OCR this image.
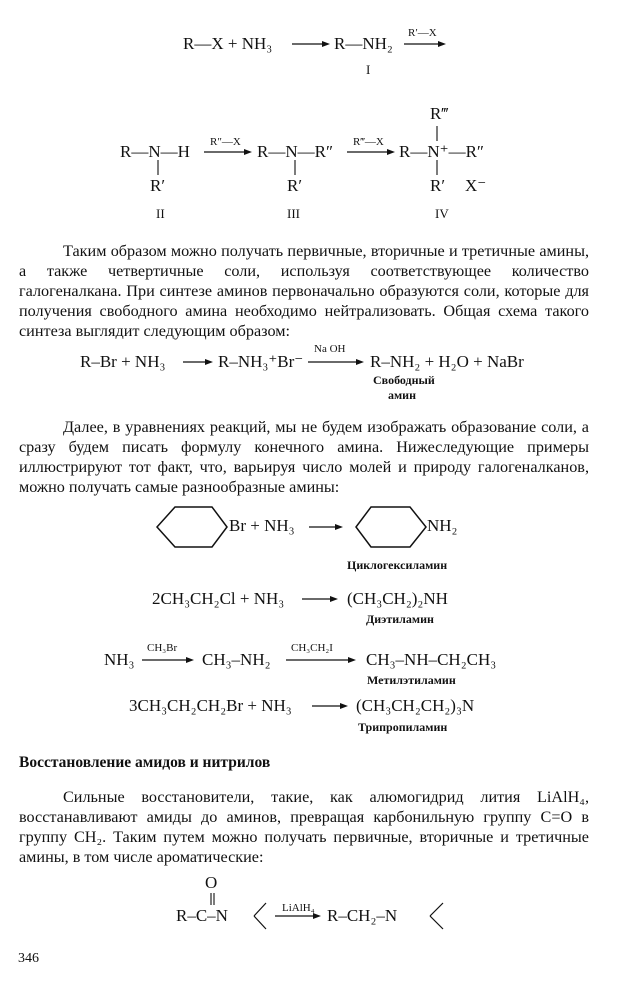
R—X + NH₃	R—NH₂
R′—X
I
R—N—H
R′
II
R″—X R—N—R″
R′
III
R‴—X
R‴
R—N⁺—R″
R′ X⁻
IV
Таким образом можно получать первичные, вторичные и третичные амины, а также четвертичные соли, используя соответствующее количество галогеналкана. При синтезе аминов первоначально образуются соли, которые для получения свободного амина необходимо нейтрализовать. Общая схема такого синтеза выглядит следующим образом:
R–Br + NH₃	R–NH₃⁺Br⁻
Na OH
R–NH₂ + H₂O + NaBr
Свободный
амин
Далее, в уравнениях реакций, мы не будем изображать образование соли, а сразу будем писать формулу конечного амина. Нижеследующие примеры иллюстрируют тот факт, что, варьируя число молей и природу галогеналканов, можно получать самые разнообразные амины:
Br + NH₃	NH₂
Циклогексиламин
2CH₃CH₂Cl + NH₃	(CH₃CH₂)₂NH
Диэтиламин
NH₃
CH₃Br
CH₃–NH₂
CH₃CH₂I
CH₃–NH–CH₂CH₃
Метилэтиламин
3CH₃CH₂CH₂Br + NH₃	(CH₃CH₂CH₂)₃N
Трипропиламин
Восстановление амидов и нитрилов
Сильные восстановители, такие, как алюмогидрид лития LiAlH₄, восстанавливают амиды до аминов, превращая карбонильную группу C=O в группу CH₂. Таким путем можно получать первичные, вторичные и третичные амины, в том числе ароматические:
O
R–C–N	LiAlH₄ R–CH₂–N
346
